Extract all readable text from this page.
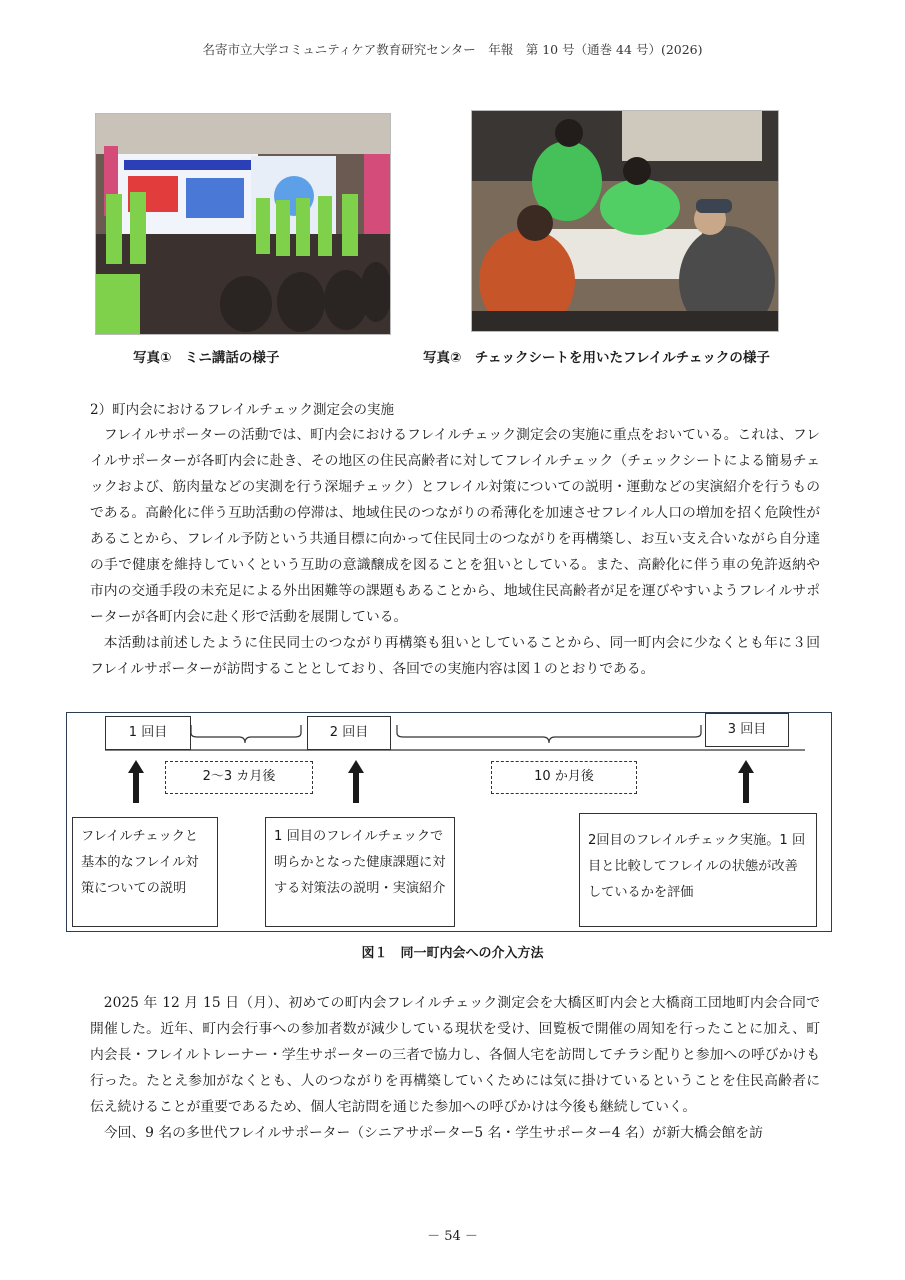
名寄市立大学コミュニティケア教育研究センター　年報　第 10 号（通巻 44 号）(2026)
写真①　ミニ講話の様子	写真②　チェックシートを用いたフレイルチェックの様子
2）町内会におけるフレイルチェック測定会の実施

フレイルサポーターの活動では、町内会におけるフレイルチェック測定会の実施に重点をおいている。これは、フレイルサポーターが各町内会に赴き、その地区の住民高齢者に対してフレイルチェック（チェックシートによる簡易チェックおよび、筋肉量などの実測を行う深堀チェック）とフレイル対策についての説明・運動などの実演紹介を行うものである。高齢化に伴う互助活動の停滞は、地域住民のつながりの希薄化を加速させフレイル人口の増加を招く危険性があることから、フレイル予防という共通目標に向かって住民同士のつながりを再構築し、お互い支え合いながら自分達の手で健康を維持していくという互助の意識醸成を図ることを狙いとしている。また、高齢化に伴う車の免許返納や市内の交通手段の未充足による外出困難等の課題もあることから、地域住民高齢者が足を運びやすいようフレイルサポーターが各町内会に赴く形で活動を展開している。

本活動は前述したように住民同士のつながり再構築も狙いとしていることから、同一町内会に少なくとも年に３回フレイルサポーターが訪問することとしており、各回での実施内容は図１のとおりである。

1 回目	2 回目	3 回目
2〜3 カ月後	10 か月後
フレイルチェックと基本的なフレイル対策についての説明
1 回目のフレイルチェックで明らかとなった健康課題に対する対策法の説明・実演紹介
2回目のフレイルチェック実施。1 回目と比較してフレイルの状態が改善しているかを評価
図１　同一町内会への介入方法

2025 年 12 月 15 日（月）、初めての町内会フレイルチェック測定会を大橋区町内会と大橋商工団地町内会合同で開催した。近年、町内会行事への参加者数が減少している現状を受け、回覧板で開催の周知を行ったことに加え、町内会長・フレイルトレーナー・学生サポーターの三者で協力し、各個人宅を訪問してチラシ配りと参加への呼びかけも行った。たとえ参加がなくとも、人のつながりを再構築していくためには気に掛けているということを住民高齢者に伝え続けることが重要であるため、個人宅訪問を通じた参加への呼びかけは今後も継続していく。

今回、9 名の多世代フレイルサポーター（シニアサポーター5 名・学生サポーター4 名）が新大橋会館を訪

－ 54 －
